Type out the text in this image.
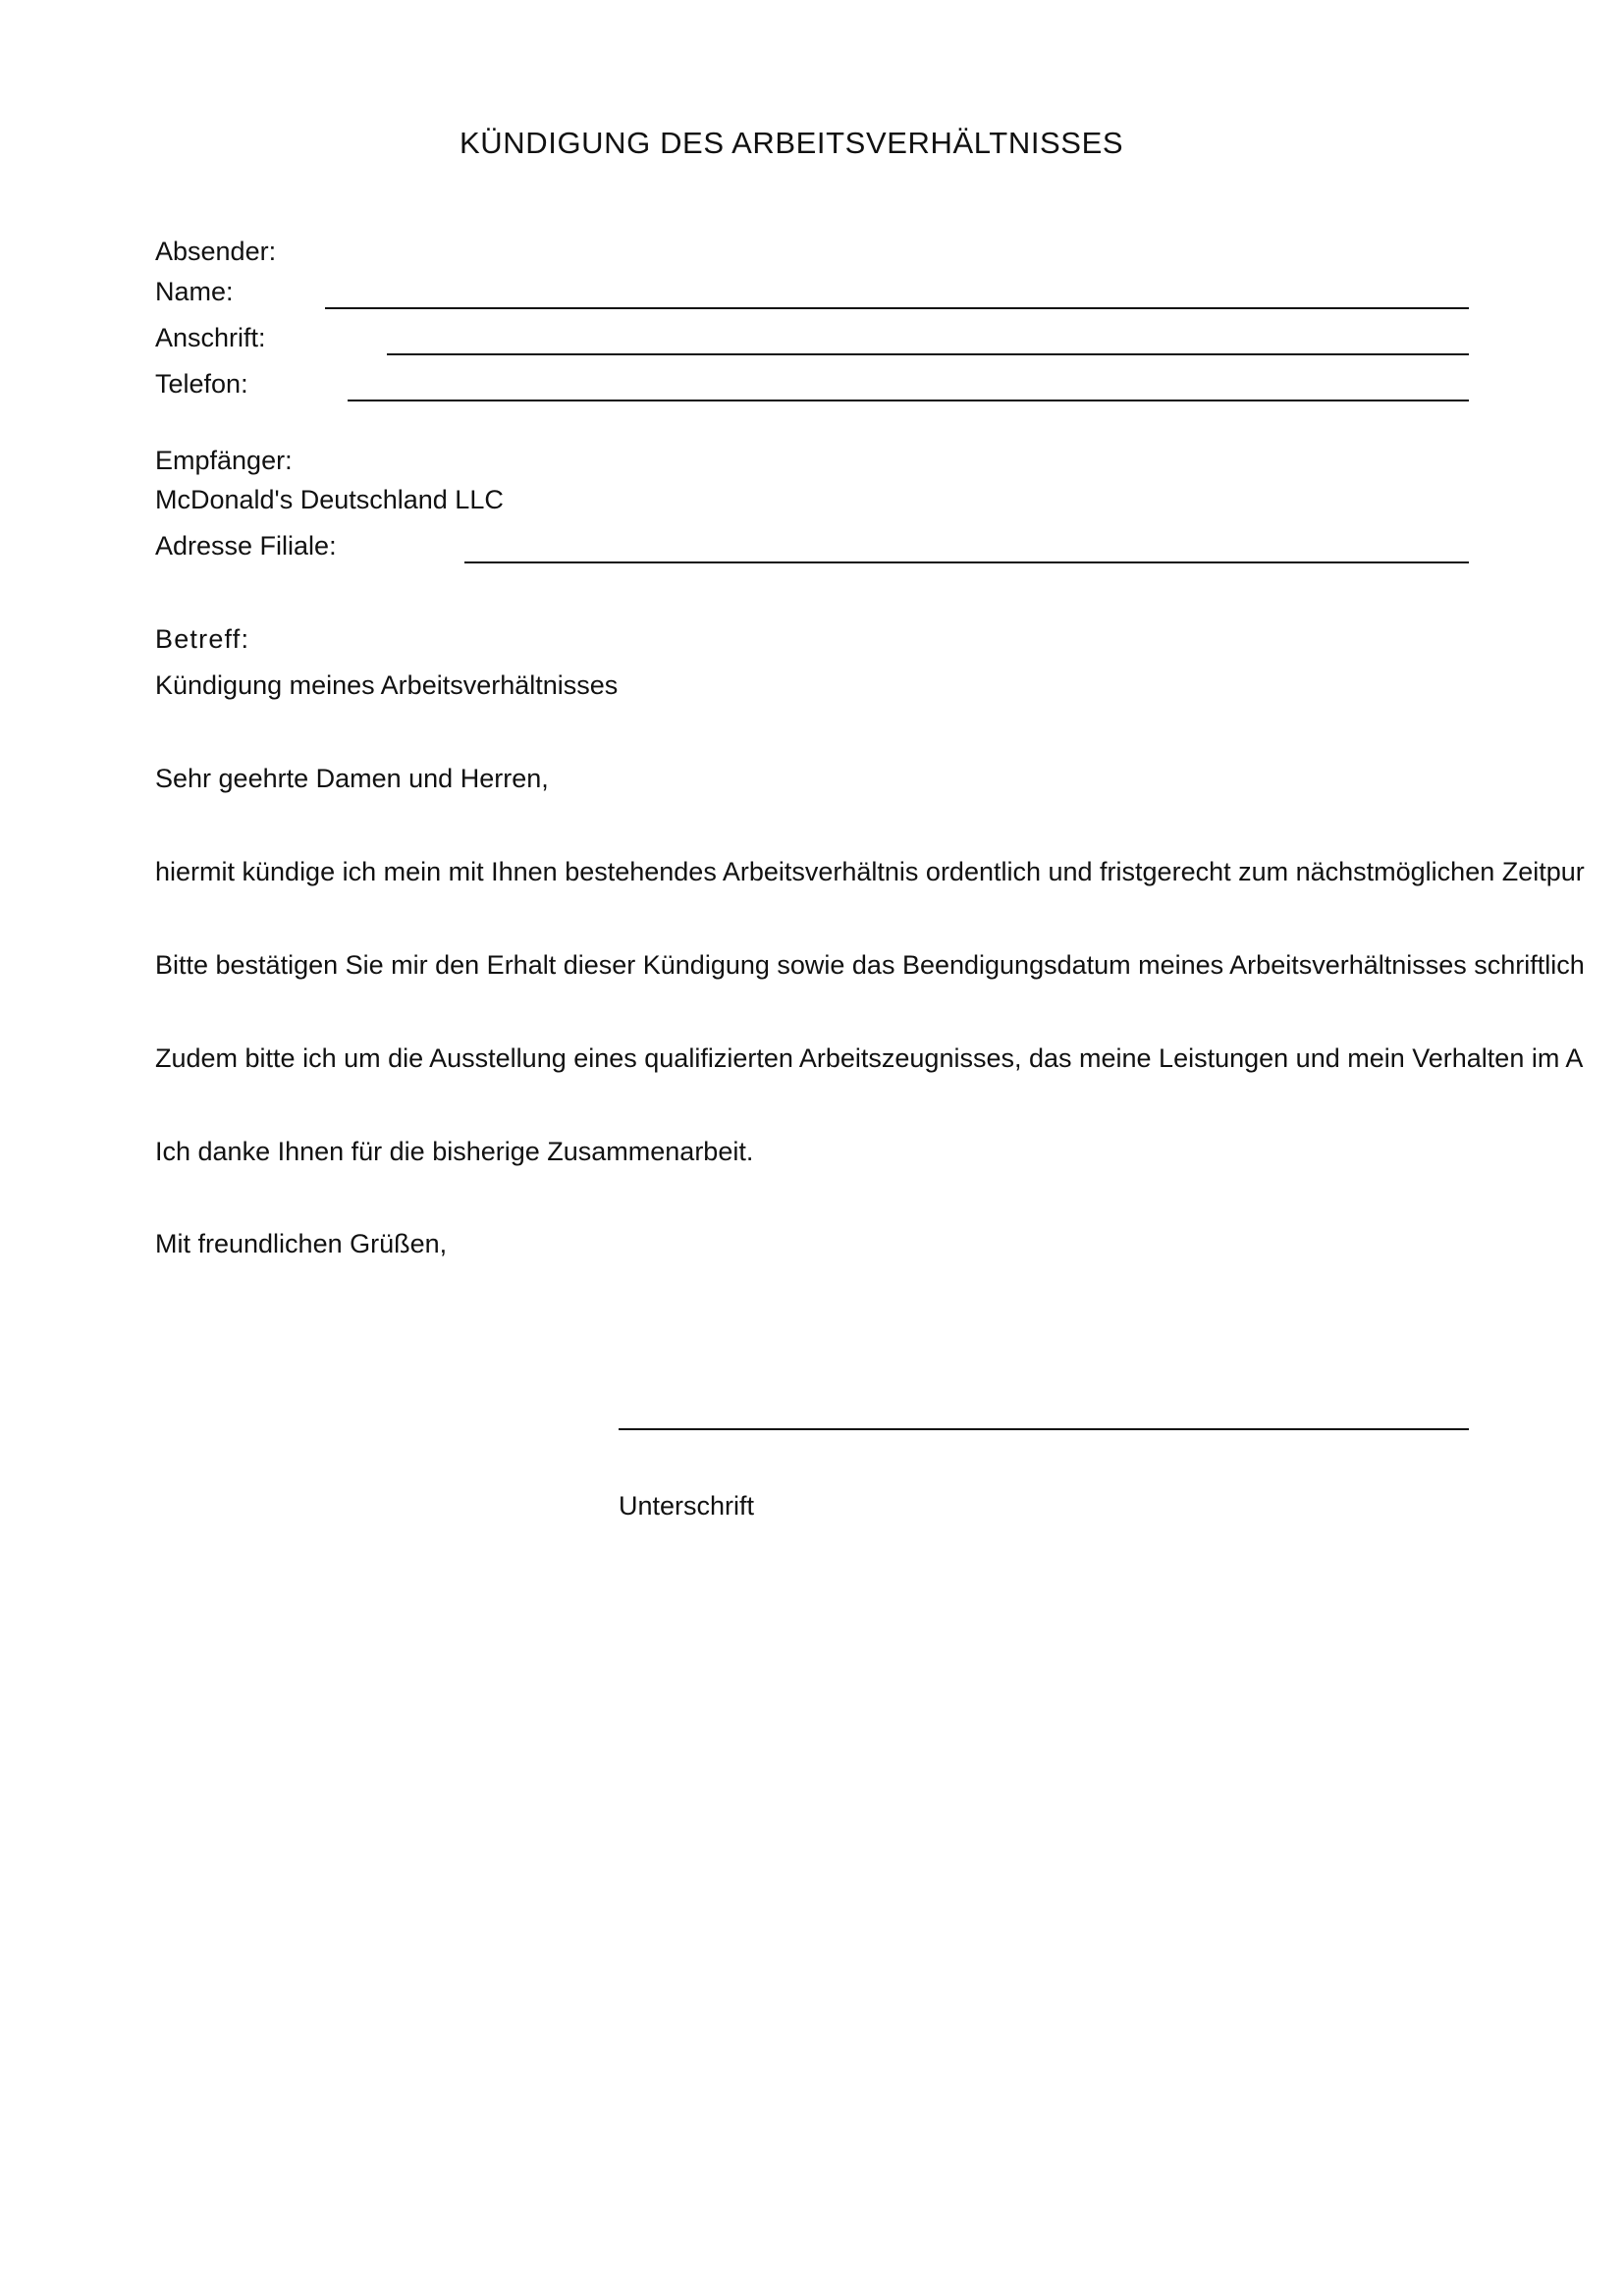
KÜNDIGUNG DES ARBEITSVERHÄLTNISSES
Absender:
Name:
Anschrift:
Telefon:
Empfänger:
McDonald's Deutschland LLC
Adresse Filiale:
Betreff:
Kündigung meines Arbeitsverhältnisses
Sehr geehrte Damen und Herren,
hiermit kündige ich mein mit Ihnen bestehendes Arbeitsverhältnis ordentlich und fristgerecht zum nächstmöglichen Zeitpur
Bitte bestätigen Sie mir den Erhalt dieser Kündigung sowie das Beendigungsdatum meines Arbeitsverhältnisses schriftlich
Zudem bitte ich um die Ausstellung eines qualifizierten Arbeitszeugnisses, das meine Leistungen und mein Verhalten im A
Ich danke Ihnen für die bisherige Zusammenarbeit.
Mit freundlichen Grüßen,
Unterschrift
